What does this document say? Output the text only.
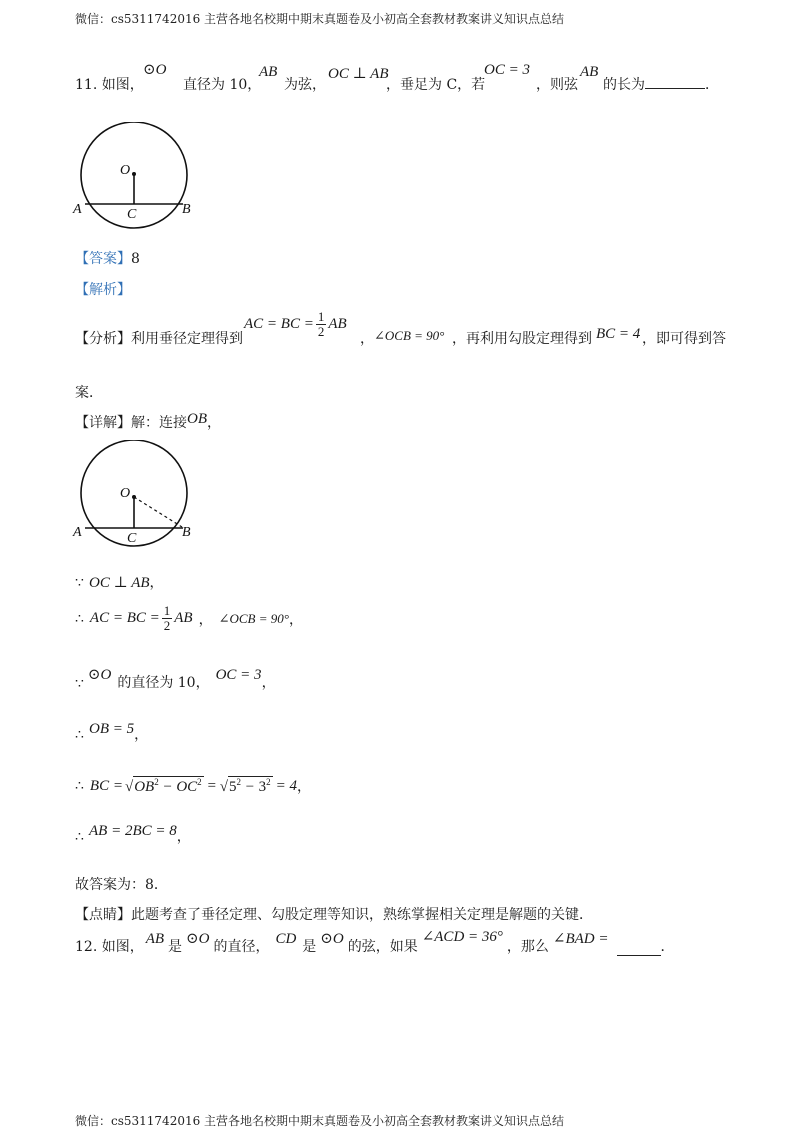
微信：cs5311742016 主营各地名校期中期末真题卷及小初高全套教材教案讲义知识点总结
11. 如图，
⊙O
直径为 10，
AB
为弦，
OC ⊥ AB
，垂足为 C，若
OC = 3
，则弦
AB
的长为	．
O
A	B
C
【答案】8
【解析】
【分析】利用垂径定理得到
AC = BC = $\frac{1}{2}$ AB
， ∠OCB = 90° ，再利用勾股定理得到 BC = 4 ，即可得到答
案．
【详解】解：连接OB，
O
A	B
C
∵ OC ⊥ AB，
∴ AC = BC = $\frac{1}{2}$ AB ， ∠OCB = 90° ，
∵
⊙O 的直径为 10， OC = 3 ，
∴ OB = 5，
∴ BC = $√OB^2 - OC^2 = √5^2 - 3^2 = 4$ ，
∴ AB = 2BC = 8，
故答案为：8．
【点睛】此题考查了垂径定理、勾股定理等知识，熟练掌握相关定理是解题的关键．
12. 如图， AB 是 ⊙O 的直径， CD 是 ⊙O 的弦，如果
∠ACD = 36°
，那么 ∠BAD =	．
微信：cs5311742016 主营各地名校期中期末真题卷及小初高全套教材教案讲义知识点总结
